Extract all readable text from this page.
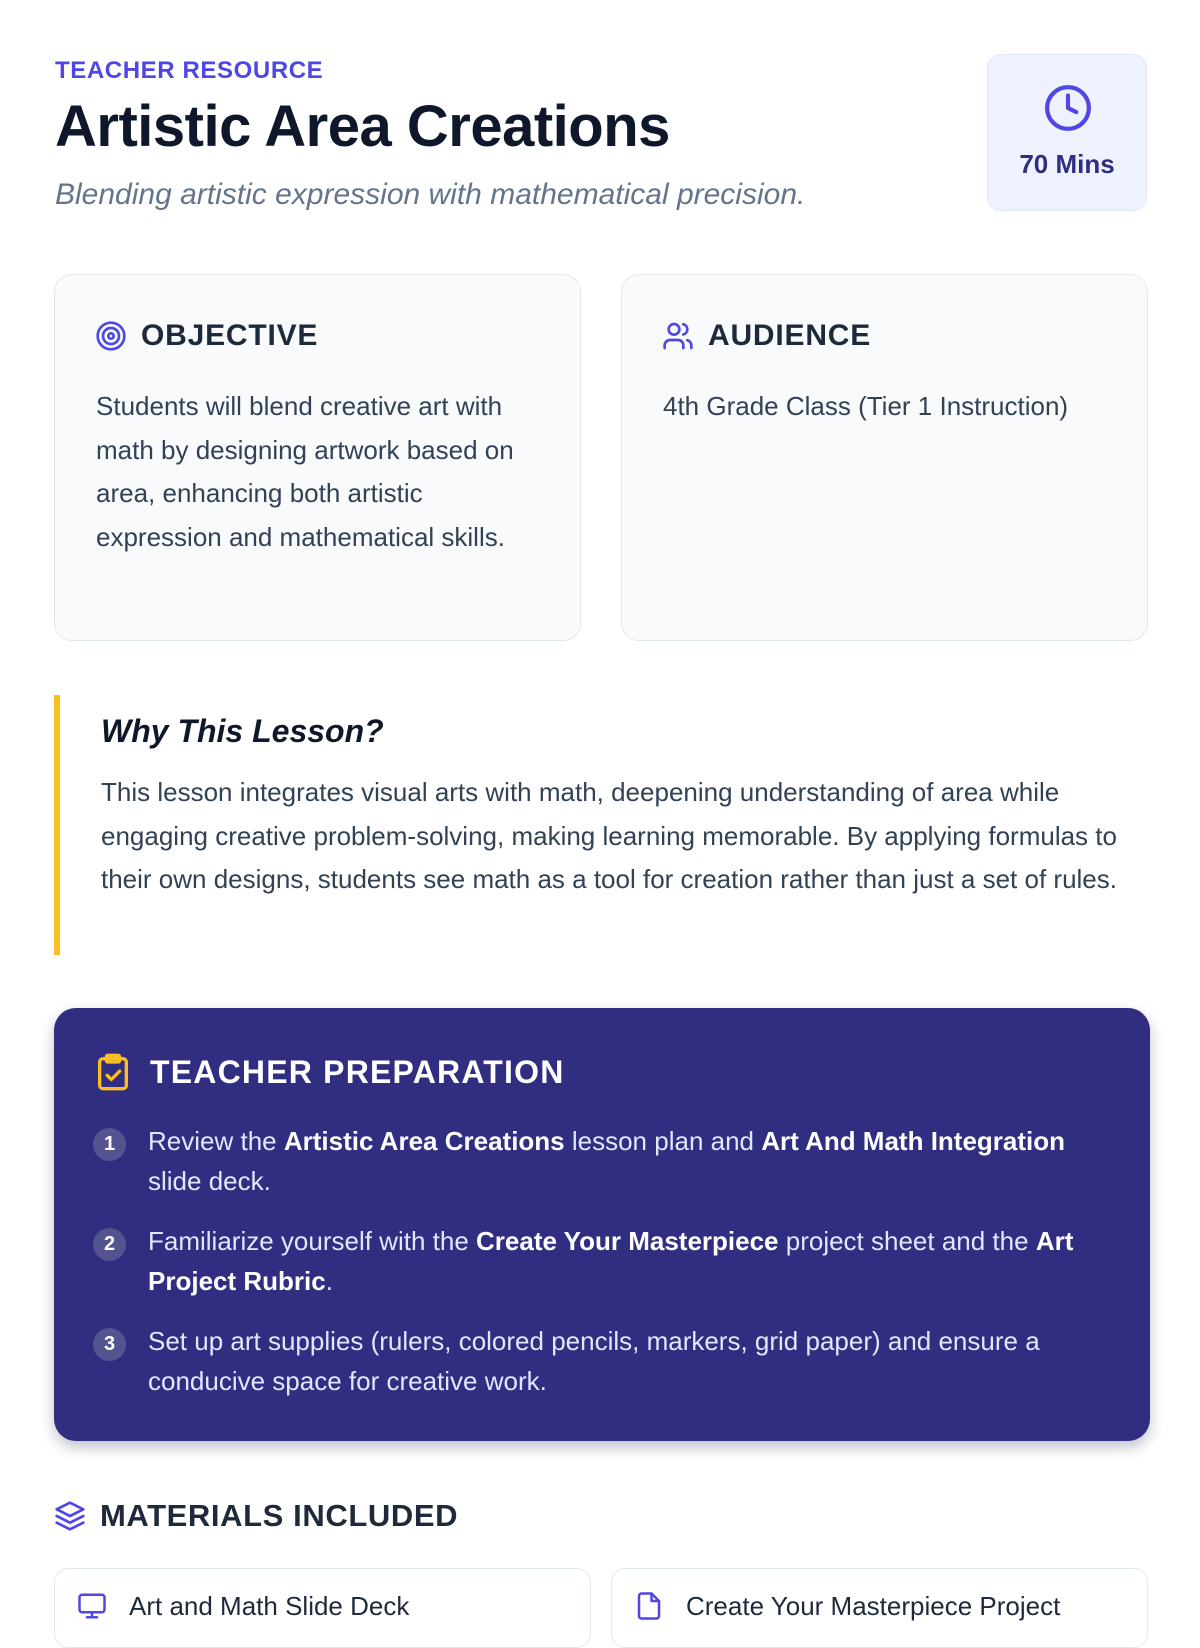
TEACHER RESOURCE
Artistic Area Creations

Blending artistic expression with mathematical precision.

70 Mins
OBJECTIVE

Students will blend creative art with math by designing artwork based on area, enhancing both artistic expression and mathematical skills.

AUDIENCE

4th Grade Class (Tier 1 Instruction)

Why This Lesson?

This lesson integrates visual arts with math, deepening understanding of area while engaging creative problem-solving, making learning memorable. By applying formulas to their own designs, students see math as a tool for creation rather than just a set of rules.

TEACHER PREPARATION
1	Review the Artistic Area Creations lesson plan and Art And Math Integration slide deck.
2	Familiarize yourself with the Create Your Masterpiece project sheet and the Art Project Rubric.
3	Set up art supplies (rulers, colored pencils, markers, grid paper) and ensure a conducive space for creative work.
MATERIALS INCLUDED
Art and Math Slide Deck	Create Your Masterpiece Project
